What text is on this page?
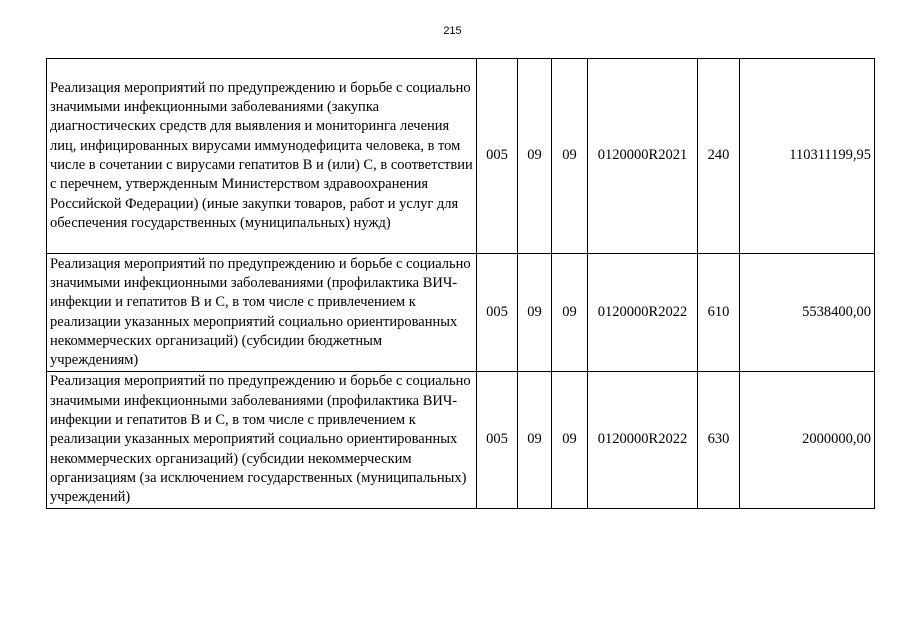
215
Реализация мероприятий по предупреждению и борьбе с социально значимыми инфекционными заболеваниями (закупка диагностических средств для выявления и мониторинга лечения лиц, инфицированных вирусами иммунодефицита человека, в том числе в сочетании с вирусами гепатитов В и (или) С, в соответствии с перечнем, утвержденным Министерством здравоохранения Российской Федерации) (иные закупки товаров, работ и услуг для обеспечения государственных (муниципальных) нужд)	005	09	09	0120000R2021	240	110311199,95

Реализация мероприятий по предупреждению и борьбе с социально значимыми инфекционными заболеваниями (профилактика ВИЧ-инфекции и гепатитов В и С, в том числе с привлечением к реализации указанных мероприятий социально ориентированных некоммерческих организаций) (субсидии бюджетным учреждениям)	005	09	09	0120000R2022	610	5538400,00

Реализация мероприятий по предупреждению и борьбе с социально значимыми инфекционными заболеваниями (профилактика ВИЧ-инфекции и гепатитов В и С, в том числе с привлечением к реализации указанных мероприятий социально ориентированных некоммерческих организаций) (субсидии некоммерческим организациям (за исключением государственных (муниципальных) учреждений)	005	09	09	0120000R2022	630	2000000,00
